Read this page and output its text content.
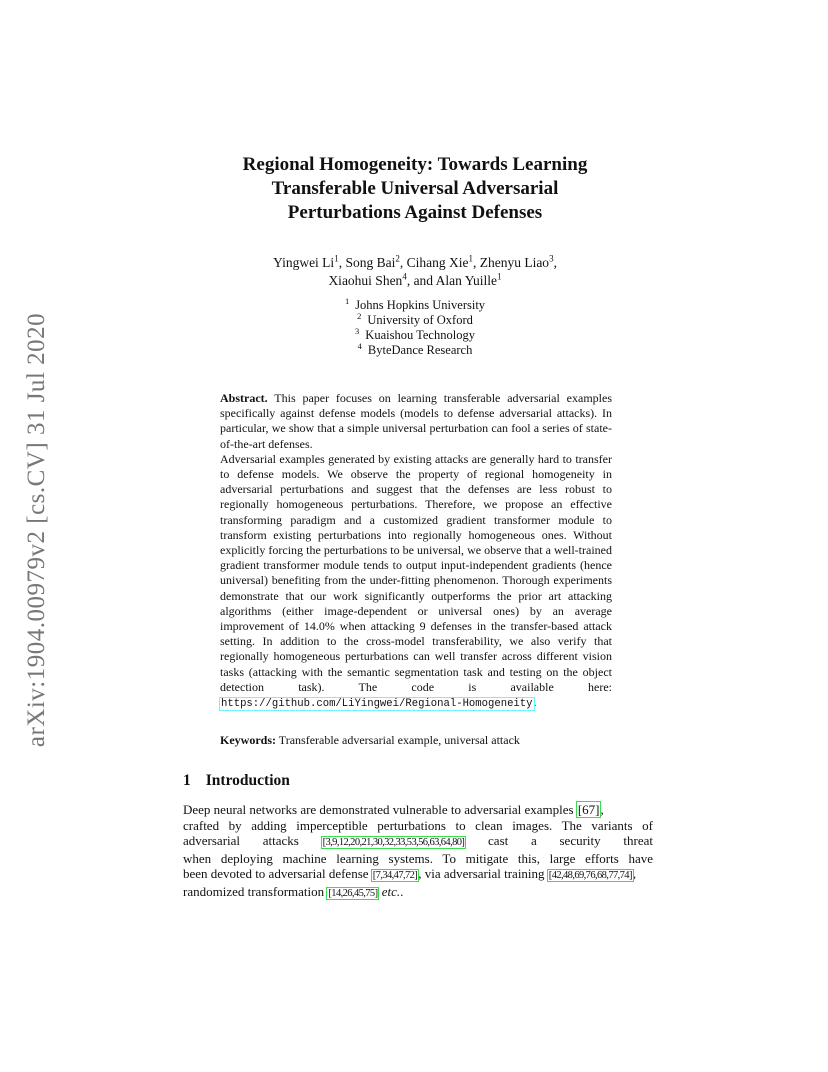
arXiv:1904.00979v2 [cs.CV] 31 Jul 2020
Regional Homogeneity: Towards Learning
Transferable Universal Adversarial
Perturbations Against Defenses
Yingwei Li$^1$, Song Bai$^2$, Cihang Xie$^1$, Zhenyu Liao$^3$,
Xiaohui Shen$^4$, and Alan Yuille$^1$
$^1$ Johns Hopkins University
$^2$ University of Oxford
$^3$ Kuaishou Technology
$^4$ ByteDance Research

Abstract. This paper focuses on learning transferable adversarial examples specifically against defense models (models to defense adversarial attacks). In particular, we show that a simple universal perturbation can fool a series of state-of-the-art defenses.

Adversarial examples generated by existing attacks are generally hard to transfer to defense models. We observe the property of regional homogeneity in adversarial perturbations and suggest that the defenses are less robust to regionally homogeneous perturbations. Therefore, we propose an effective transforming paradigm and a customized gradient transformer module to transform existing perturbations into regionally homogeneous ones. Without explicitly forcing the perturbations to be universal, we observe that a well-trained gradient transformer module tends to output input-independent gradients (hence universal) benefiting from the under-fitting phenomenon. Thorough experiments demonstrate that our work significantly outperforms the prior art attacking algorithms (either image-dependent or universal ones) by an average improvement of 14.0% when attacking 9 defenses in the transfer-based attack setting. In addition to the cross-model transferability, we also verify that regionally homogeneous perturbations can well transfer across different vision tasks (attacking with the semantic segmentation task and testing on the object detection task). The code is available here: https://github.com/LiYingwei/Regional-Homogeneity.

Keywords: Transferable adversarial example, universal attack
1 Introduction
Deep neural networks are demonstrated vulnerable to adversarial examples [67],
crafted by adding imperceptible perturbations to clean images. The variants of
adversarial attacks [3,9,12,20,21,30,32,33,53,56,63,64,80] cast a security threat
when deploying machine learning systems. To mitigate this, large efforts have
been devoted to adversarial defense [7,34,47,72], via adversarial training [42,48,69,76,68,77,74],
randomized transformation [14,26,45,75] etc..
